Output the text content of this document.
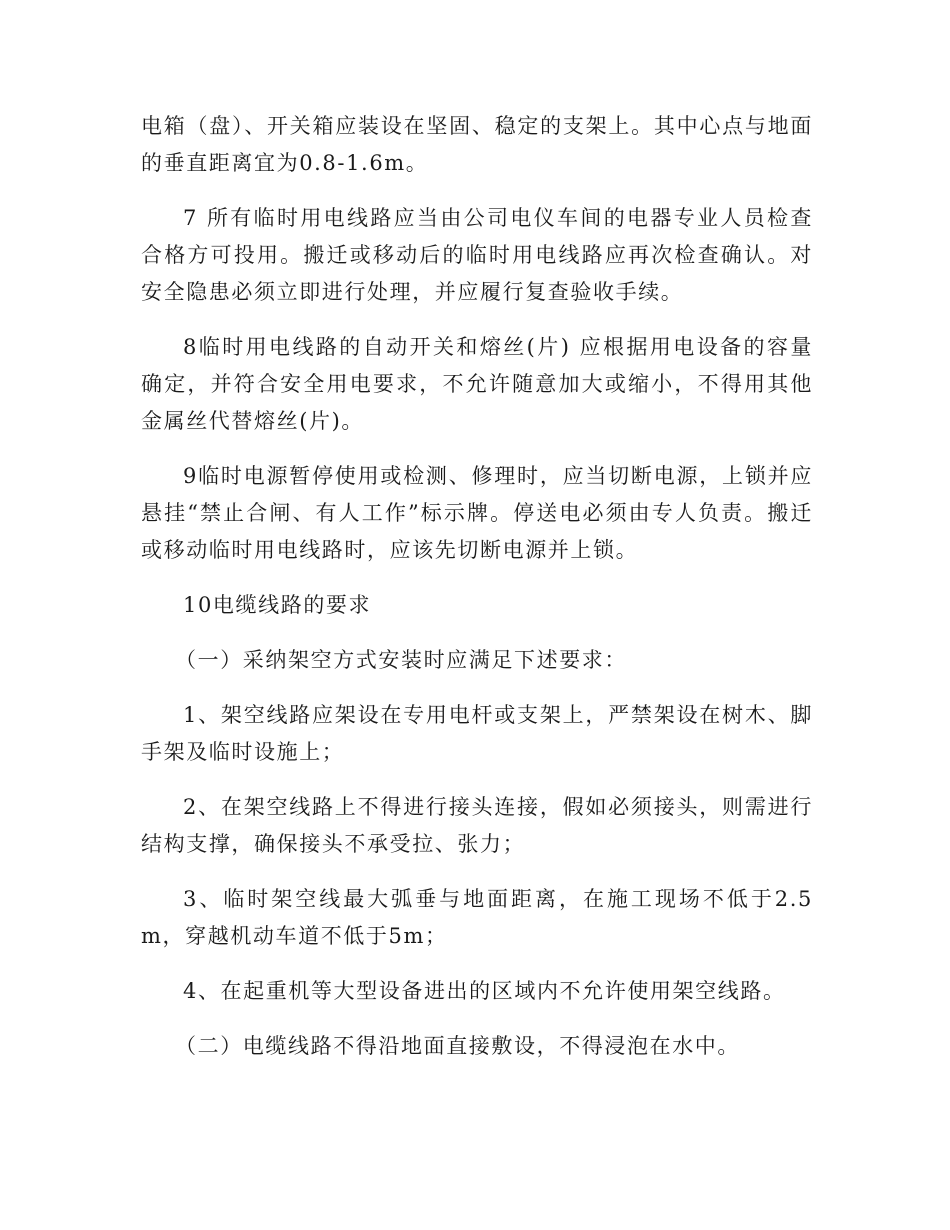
电箱（盘）、开关箱应装设在坚固、稳定的支架上。其中心点与地面的垂直距离宜为0.8-1.6m。

7 所有临时用电线路应当由公司电仪车间的电器专业人员检查合格方可投用。搬迁或移动后的临时用电线路应再次检查确认。对安全隐患必须立即进行处理，并应履行复查验收手续。

8临时用电线路的自动开关和熔丝(片) 应根据用电设备的容量确定，并符合安全用电要求，不允许随意加大或缩小，不得用其他金属丝代替熔丝(片)。

9临时电源暂停使用或检测、修理时，应当切断电源，上锁并应悬挂“禁止合闸、有人工作”标示牌。停送电必须由专人负责。搬迁或移动临时用电线路时，应该先切断电源并上锁。

10电缆线路的要求

（一）采纳架空方式安装时应满足下述要求：

1、架空线路应架设在专用电杆或支架上，严禁架设在树木、脚手架及临时设施上；

2、在架空线路上不得进行接头连接，假如必须接头，则需进行结构支撑，确保接头不承受拉、张力；

3、临时架空线最大弧垂与地面距离，在施工现场不低于2.5m，穿越机动车道不低于5m；

4、在起重机等大型设备进出的区域内不允许使用架空线路。

（二）电缆线路不得沿地面直接敷设，不得浸泡在水中。
